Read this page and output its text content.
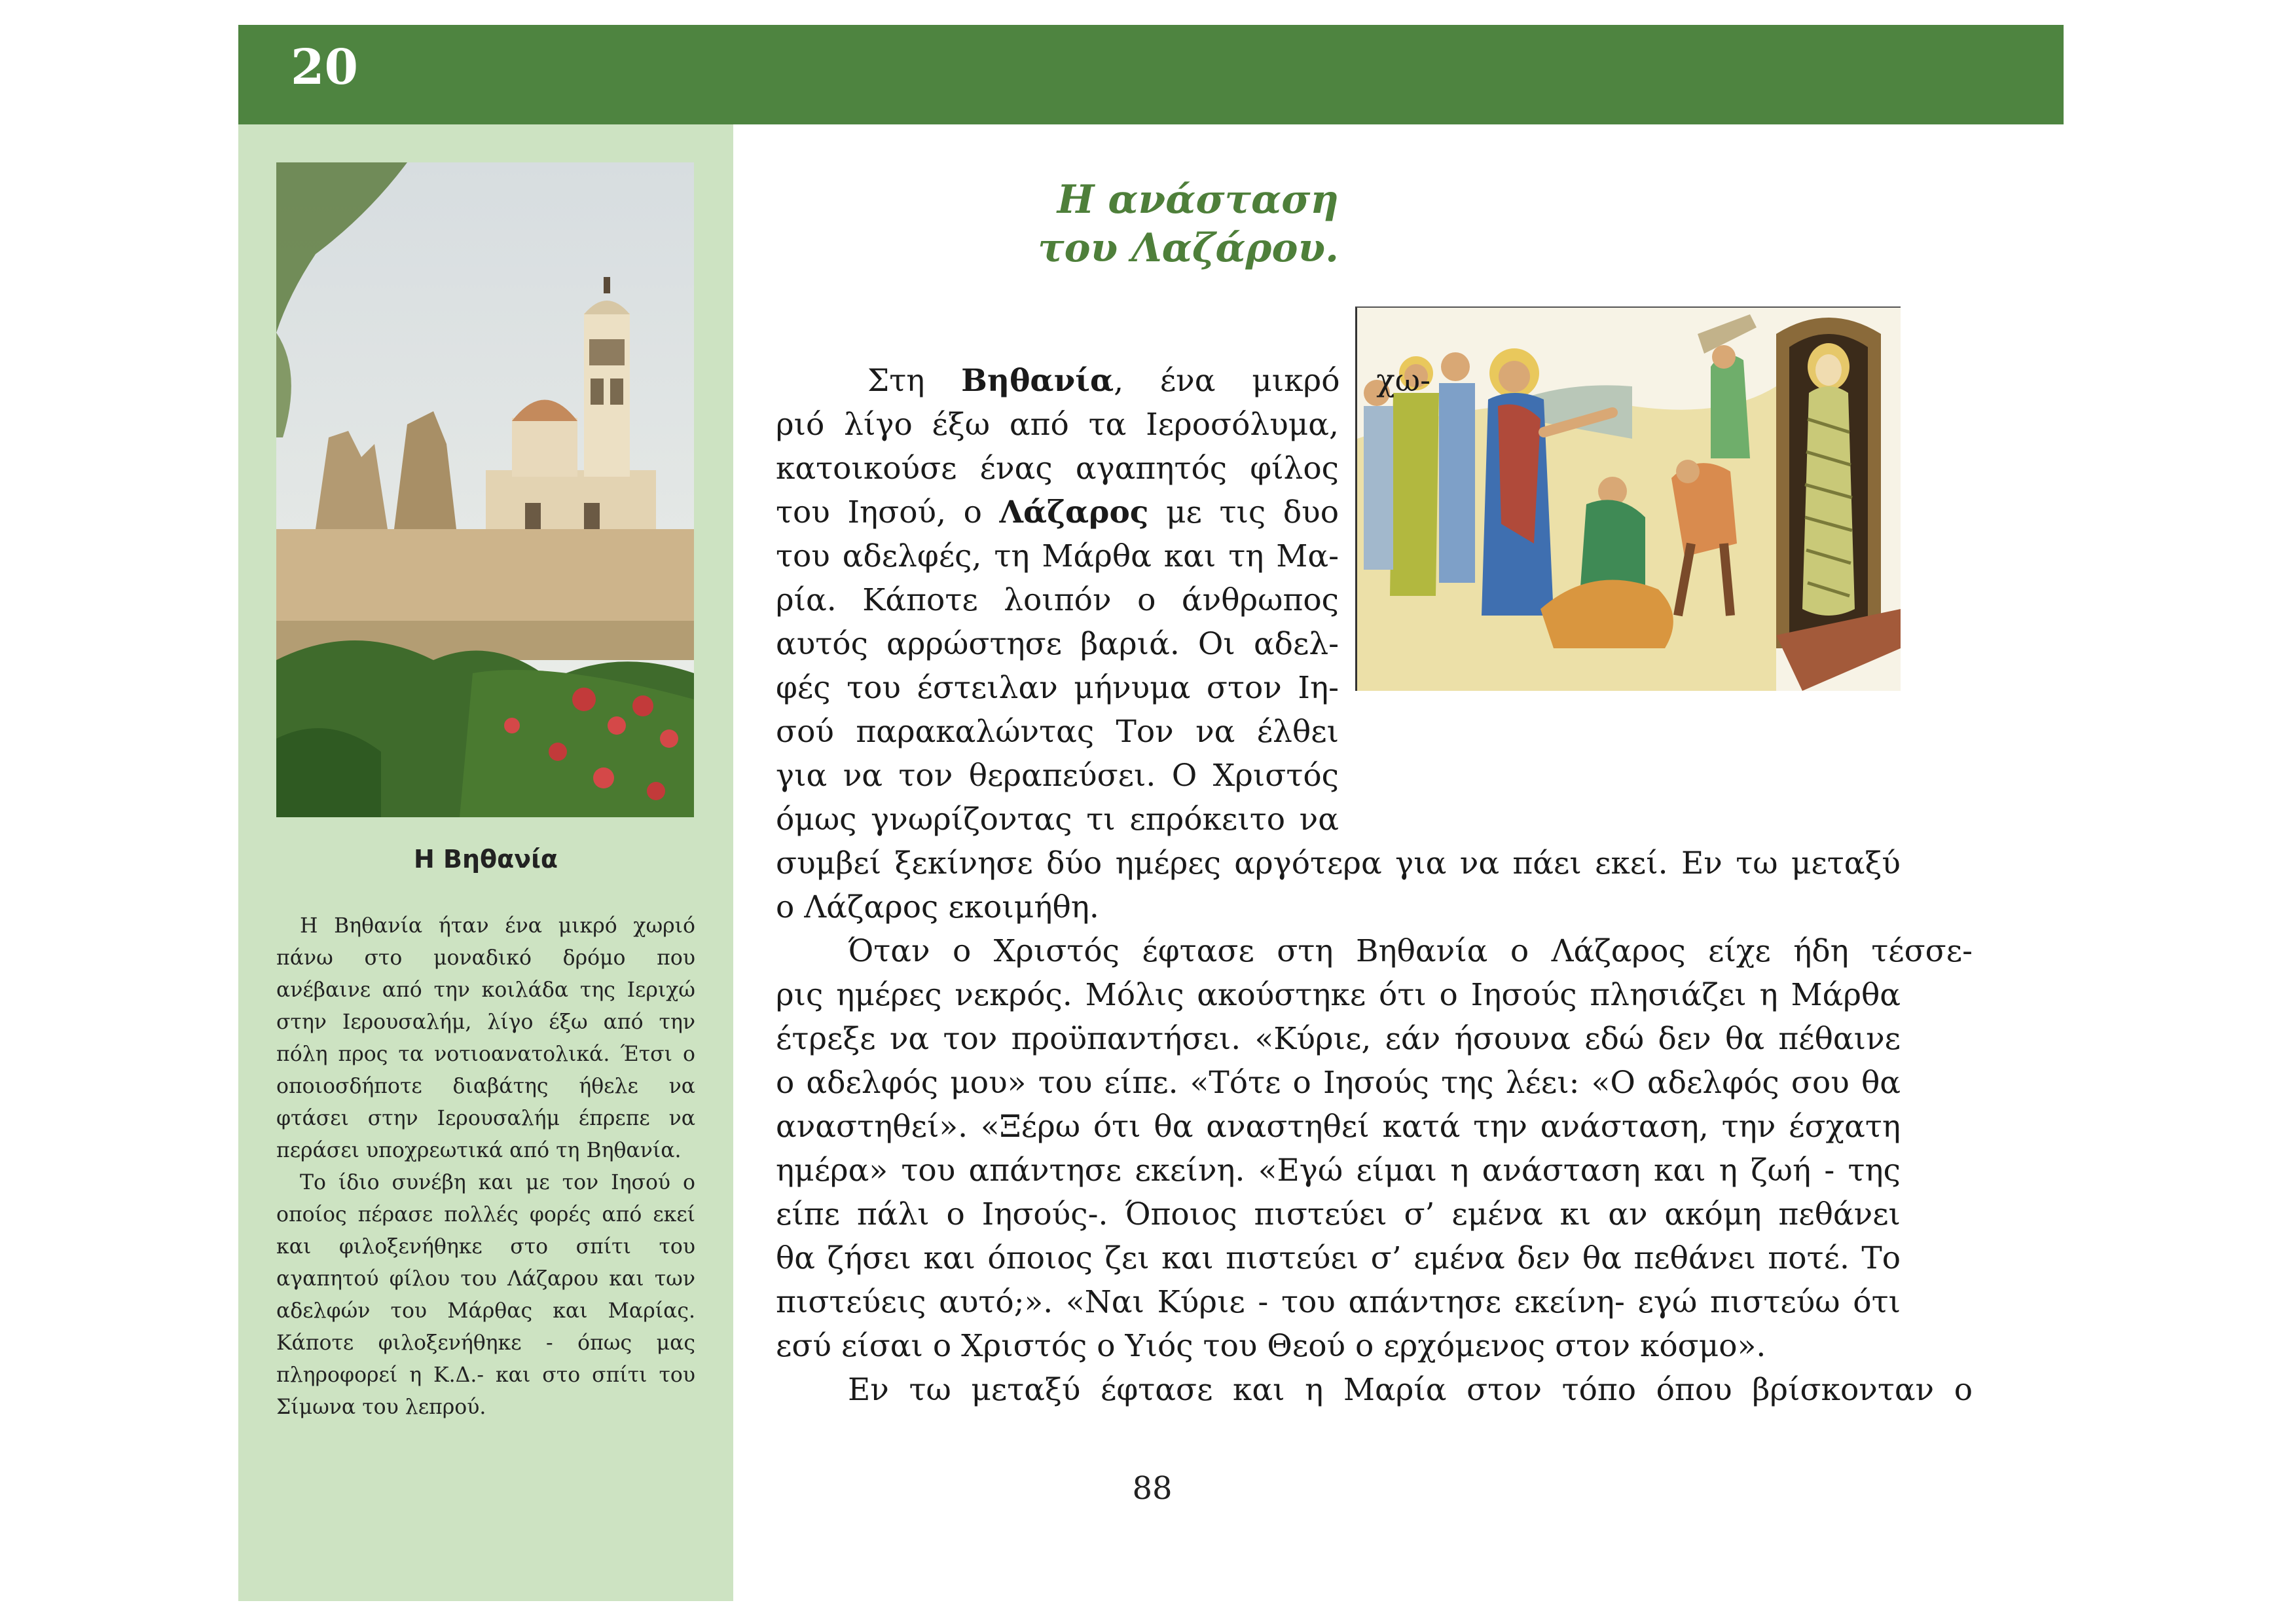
20
Η Βηθανία

Η Βηθανία ήταν ένα μικρό χωριό πάνω στο μοναδικό δρόμο που ανέβαινε από την κοιλάδα της Ιεριχώ στην Ιερουσαλήμ, λίγο έξω από την πόλη προς τα νοτιοανατολικά. Έτσι ο οποιοσδήποτε διαβάτης ήθελε να φτάσει στην Ιερουσαλήμ έπρεπε να περάσει υποχρεωτικά από τη Βηθανία.

Το ίδιο συνέβη και με τον Ιησού ο οποίος πέρασε πολλές φορές από εκεί και φιλοξενήθηκε στο σπίτι του αγαπητού φίλου του Λάζαρου και των αδελφών του Μάρθας και Μαρίας. Κάποτε φιλοξενήθηκε - όπως μας πληροφορεί η Κ.Δ.- και στο σπίτι του Σίμωνα του λεπρού.

Η ανάσταση
του Λαζάρου.
Στη Βηθανία, ένα μικρό χω-
ριό λίγο έξω από τα Ιεροσόλυμα,
κατοικούσε ένας αγαπητός φίλος
του Ιησού, ο Λάζαρος με τις δυο
του αδελφές, τη Μάρθα και τη Μα-
ρία. Κάποτε λοιπόν ο άνθρωπος
αυτός αρρώστησε βαριά. Οι αδελ-
φές του έστειλαν μήνυμα στον Ιη-
σού παρακαλώντας Τον να έλθει
για να τον θεραπεύσει. Ο Χριστός
όμως γνωρίζοντας τι επρόκειτο να
συμβεί ξεκίνησε δύο ημέρες αργότερα για να πάει εκεί. Εν τω μεταξύ
ο Λάζαρος εκοιμήθη.
Όταν ο Χριστός έφτασε στη Βηθανία ο Λάζαρος είχε ήδη τέσσε-
ρις ημέρες νεκρός. Μόλις ακούστηκε ότι ο Ιησούς πλησιάζει η Μάρθα
έτρεξε να τον προϋπαντήσει. «Κύριε, εάν ήσουνα εδώ δεν θα πέθαινε
ο αδελφός μου» του είπε. «Τότε ο Ιησούς της λέει: «Ο αδελφός σου θα
αναστηθεί». «Ξέρω ότι θα αναστηθεί κατά την ανάσταση, την έσχατη
ημέρα» του απάντησε εκείνη. «Εγώ είμαι η ανάσταση και η ζωή - της
είπε πάλι ο Ιησούς-. Όποιος πιστεύει σ’ εμένα κι αν ακόμη πεθάνει
θα ζήσει και όποιος ζει και πιστεύει σ’ εμένα δεν θα πεθάνει ποτέ. Το
πιστεύεις αυτό;». «Ναι Κύριε - του απάντησε εκείνη- εγώ πιστεύω ότι
εσύ είσαι ο Χριστός ο Υιός του Θεού ο ερχόμενος στον κόσμο».
Εν τω μεταξύ έφτασε και η Μαρία στον τόπο όπου βρίσκονταν ο
88
